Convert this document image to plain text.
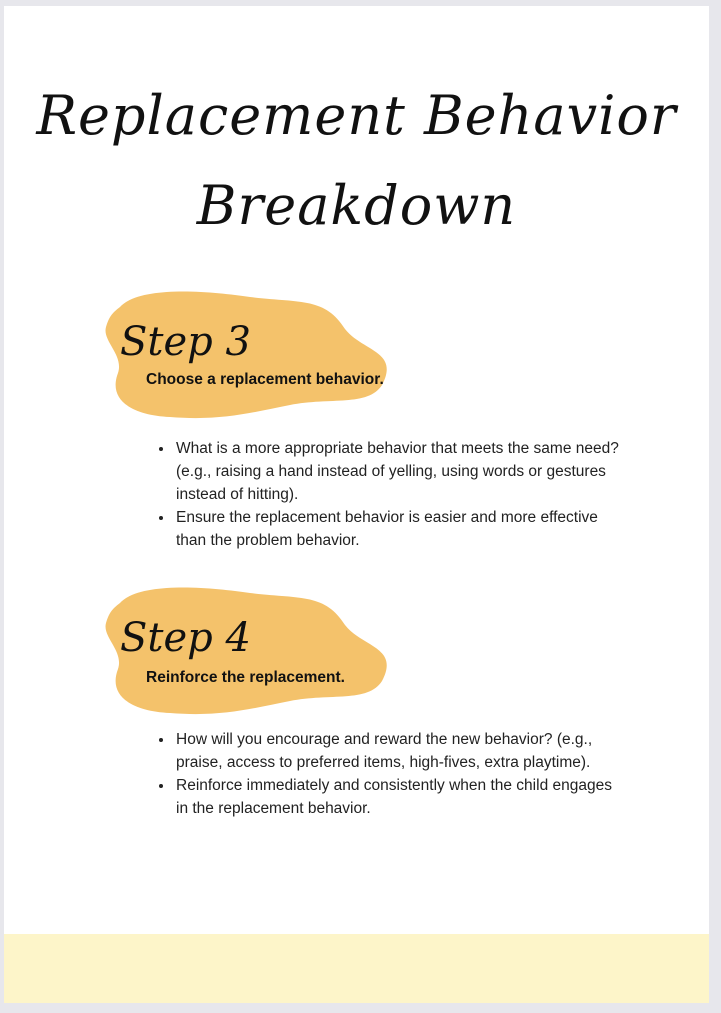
Replacement Behavior
Breakdown
Step 3
Choose a replacement behavior.
• What is a more appropriate behavior that meets the same need? (e.g., raising a hand instead of yelling, using words or gestures instead of hitting).
• Ensure the replacement behavior is easier and more effective than the problem behavior.
Step 4
Reinforce the replacement.
• How will you encourage and reward the new behavior? (e.g., praise, access to preferred items, high-fives, extra playtime).
• Reinforce immediately and consistently when the child engages in the replacement behavior.
